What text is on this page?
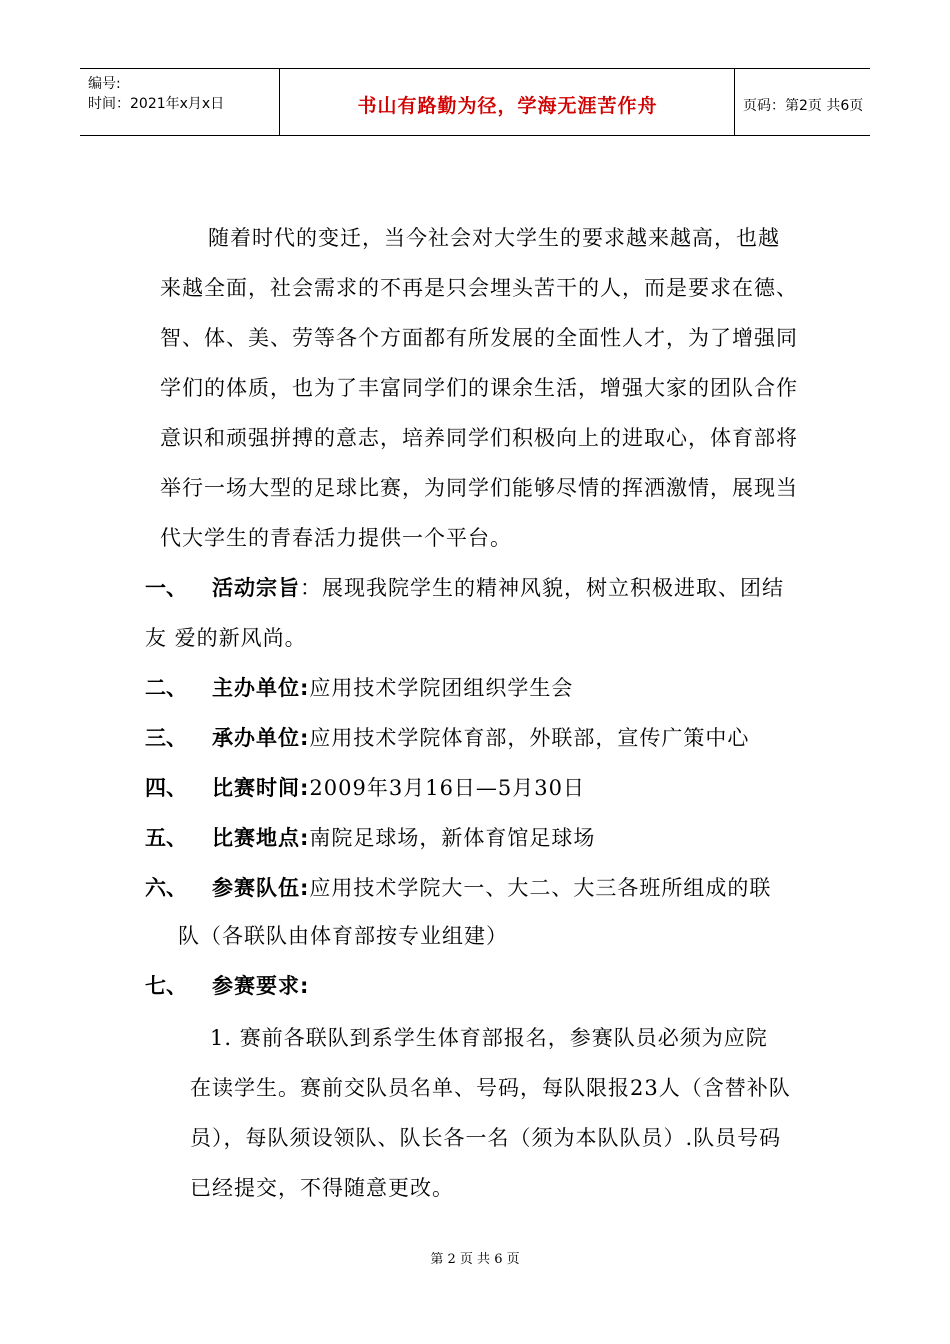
编号:
时间：2021年x月x日	书山有路勤为径，学海无涯苦作舟	页码：第2页 共6页
随着时代的变迁，当今社会对大学生的要求越来越高，也越
来越全面，社会需求的不再是只会埋头苦干的人，而是要求在德、
智、体、美、劳等各个方面都有所发展的全面性人才，为了增强同
学们的体质，也为了丰富同学们的课余生活，增强大家的团队合作
意识和顽强拼搏的意志，培养同学们积极向上的进取心，体育部将
举行一场大型的足球比赛，为同学们能够尽情的挥洒激情，展现当
代大学生的青春活力提供一个平台。
一、 活动宗旨：展现我院学生的精神风貌，树立积极进取、团结
友 爱的新风尚。
二、 主办单位:应用技术学院团组织学生会
三、 承办单位:应用技术学院体育部，外联部，宣传广策中心
四、 比赛时间:2009年3月16日—5月30日
五、 比赛地点:南院足球场，新体育馆足球场
六、 参赛队伍:应用技术学院大一、大二、大三各班所组成的联
队（各联队由体育部按专业组建）
七、 参赛要求:
1. 赛前各联队到系学生体育部报名，参赛队员必须为应院
在读学生。赛前交队员名单、号码，每队限报23人（含替补队
员），每队须设领队、队长各一名（须为本队队员）.队员号码
已经提交，不得随意更改。
第 2 页 共 6 页
